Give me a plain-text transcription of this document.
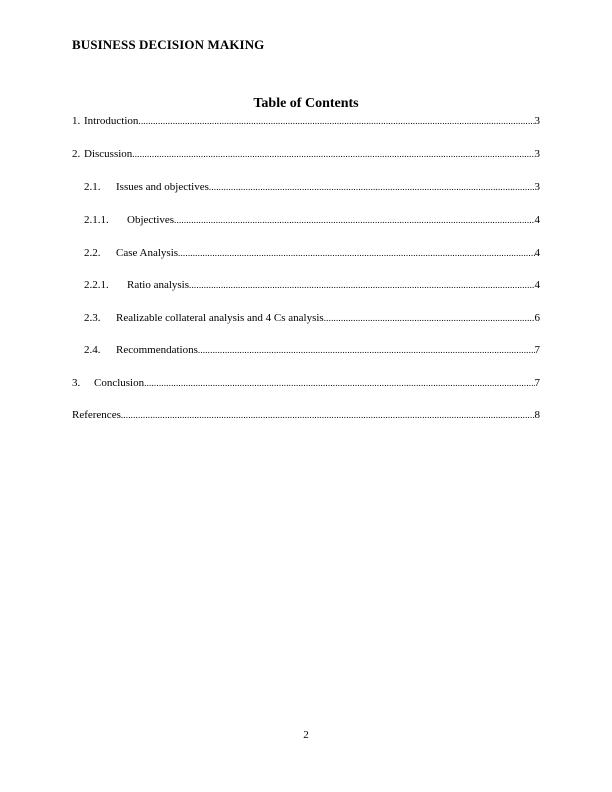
BUSINESS DECISION MAKING
Table of Contents
1. Introduction .....	3
2. Discussion .....	3
2.1.	Issues and objectives .....	3
2.1.1.	Objectives .....	4
2.2.	Case Analysis .....	4
2.2.1.	Ratio analysis .....	4
2.3.	Realizable collateral analysis and 4 Cs analysis .....	6
2.4.	Recommendations .....	7
3.	Conclusion .....	7
References .....	8
2
